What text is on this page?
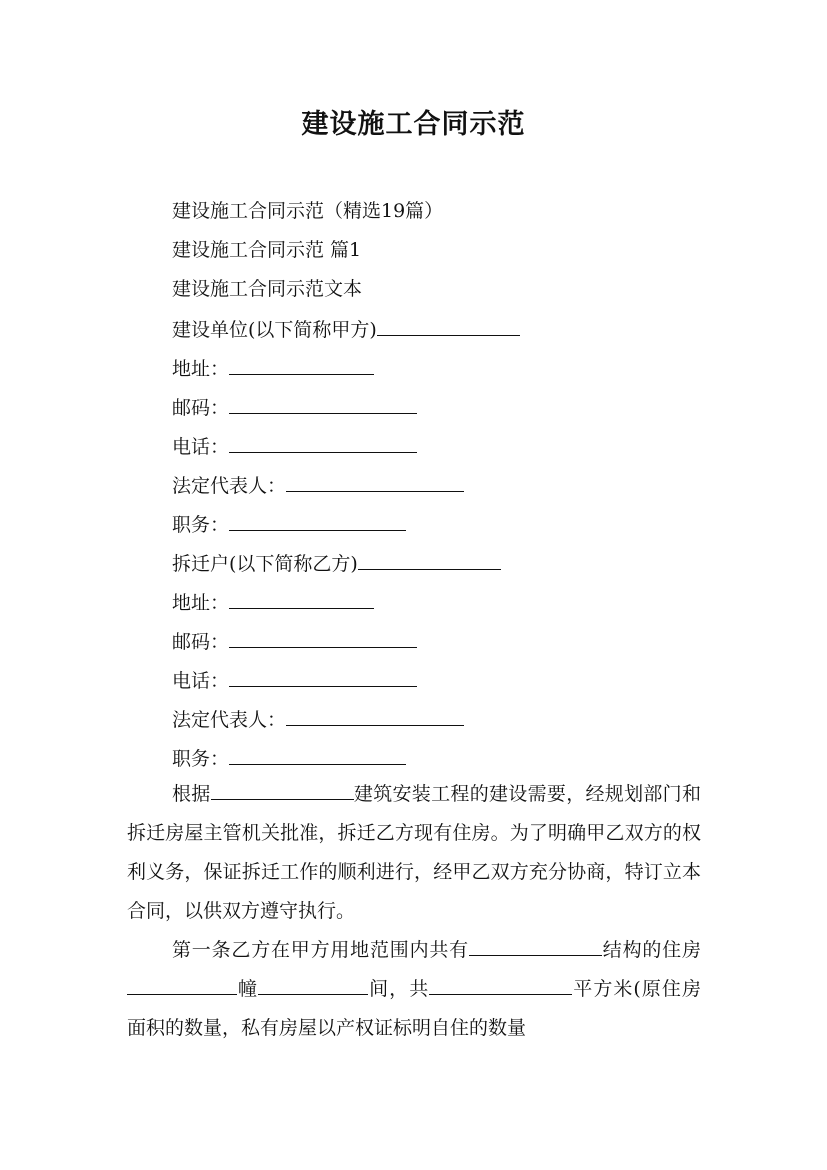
建设施工合同示范
建设施工合同示范（精选19篇）
建设施工合同示范 篇1
建设施工合同示范文本
建设单位(以下简称甲方)
地址：
邮码：
电话：
法定代表人：
职务：
拆迁户(以下简称乙方)
地址：
邮码：
电话：
法定代表人：
职务：
根据	建筑安装工程的建设需要，经规划部门和拆迁房屋主管机关批准，拆迁乙方现有住房。为了明确甲乙双方的权利义务，保证拆迁工作的顺利进行，经甲乙双方充分协商，特订立本合同，以供双方遵守执行。
第一条乙方在甲方用地范围内共有	结构的住房幢	间，共	平方米(原住房面积的数量，私有房屋以产权证标明自住的数量
